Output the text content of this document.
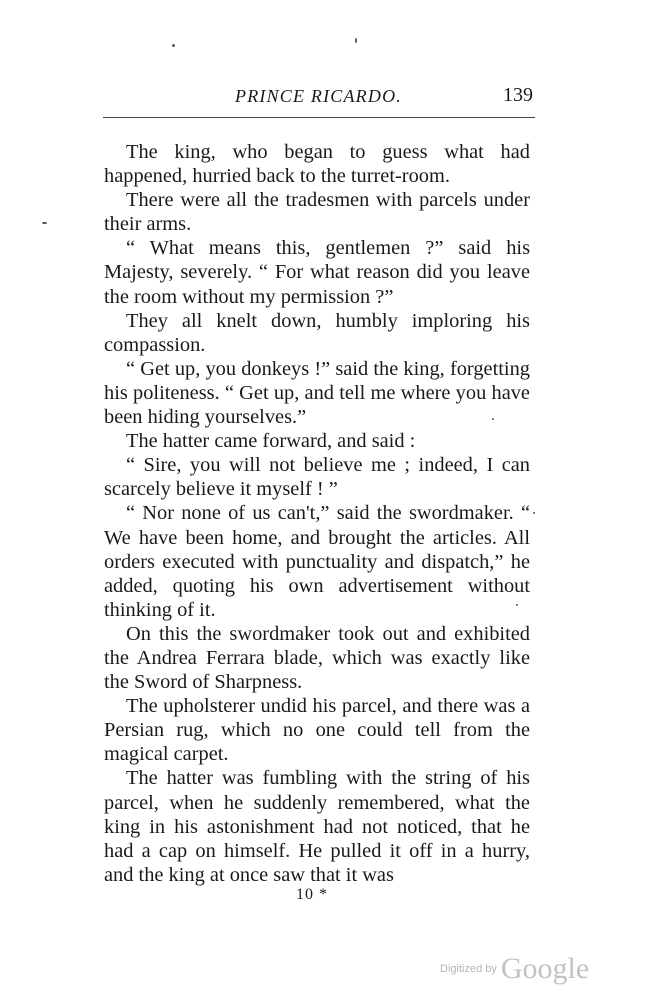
PRINCE RICARDO.	139

The king, who began to guess what had happened, hurried back to the turret-room.

There were all the tradesmen with parcels under their arms.

“ What means this, gentlemen ?” said his Majesty, severely. “ For what reason did you leave the room without my permission ?”

They all knelt down, humbly imploring his compassion.

“ Get up, you donkeys !” said the king, forgetting his politeness. “ Get up, and tell me where you have been hiding yourselves.”

The hatter came forward, and said :

“ Sire, you will not believe me ; indeed, I can scarcely believe it myself ! ”

“ Nor none of us can't,” said the swordmaker. “ We have been home, and brought the articles. All orders executed with punctuality and dispatch,” he added, quoting his own advertisement without thinking of it.

On this the swordmaker took out and exhibited the Andrea Ferrara blade, which was exactly like the Sword of Sharpness.

The upholsterer undid his parcel, and there was a Persian rug, which no one could tell from the magical carpet.

The hatter was fumbling with the string of his parcel, when he suddenly remembered, what the king in his astonishment had not noticed, that he had a cap on himself. He pulled it off in a hurry, and the king at once saw that it was

10 *
Digitized by Google
